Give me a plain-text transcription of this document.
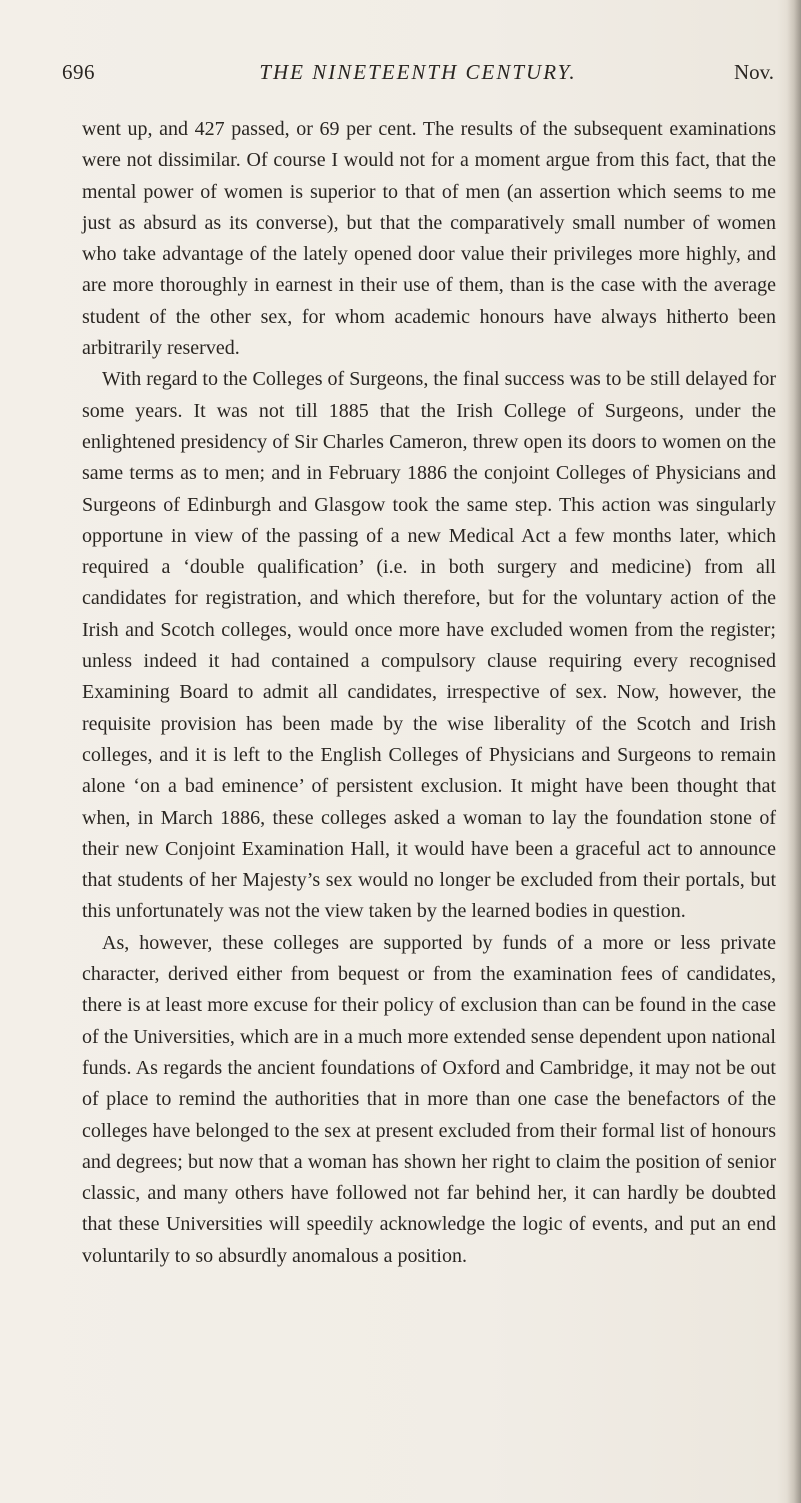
696	THE NINETEENTH CENTURY.	Nov.

went up, and 427 passed, or 69 per cent. The results of the subsequent examinations were not dissimilar. Of course I would not for a moment argue from this fact, that the mental power of women is superior to that of men (an assertion which seems to me just as absurd as its converse), but that the comparatively small number of women who take advantage of the lately opened door value their privileges more highly, and are more thoroughly in earnest in their use of them, than is the case with the average student of the other sex, for whom academic honours have always hitherto been arbitrarily reserved.

With regard to the Colleges of Surgeons, the final success was to be still delayed for some years. It was not till 1885 that the Irish College of Surgeons, under the enlightened presidency of Sir Charles Cameron, threw open its doors to women on the same terms as to men; and in February 1886 the conjoint Colleges of Physicians and Surgeons of Edinburgh and Glasgow took the same step. This action was singularly opportune in view of the passing of a new Medical Act a few months later, which required a ‘double qualification’ (i.e. in both surgery and medicine) from all candidates for registration, and which therefore, but for the voluntary action of the Irish and Scotch colleges, would once more have excluded women from the register; unless indeed it had contained a compulsory clause requiring every recognised Examining Board to admit all candidates, irrespective of sex. Now, however, the requisite provision has been made by the wise liberality of the Scotch and Irish colleges, and it is left to the English Colleges of Physicians and Surgeons to remain alone ‘on a bad eminence’ of persistent exclusion. It might have been thought that when, in March 1886, these colleges asked a woman to lay the foundation stone of their new Conjoint Examination Hall, it would have been a graceful act to announce that students of her Majesty’s sex would no longer be excluded from their portals, but this unfortunately was not the view taken by the learned bodies in question.

As, however, these colleges are supported by funds of a more or less private character, derived either from bequest or from the examination fees of candidates, there is at least more excuse for their policy of exclusion than can be found in the case of the Universities, which are in a much more extended sense dependent upon national funds. As regards the ancient foundations of Oxford and Cambridge, it may not be out of place to remind the authorities that in more than one case the benefactors of the colleges have belonged to the sex at present excluded from their formal list of honours and degrees; but now that a woman has shown her right to claim the position of senior classic, and many others have followed not far behind her, it can hardly be doubted that these Universities will speedily acknowledge the logic of events, and put an end voluntarily to so absurdly anomalous a position.
